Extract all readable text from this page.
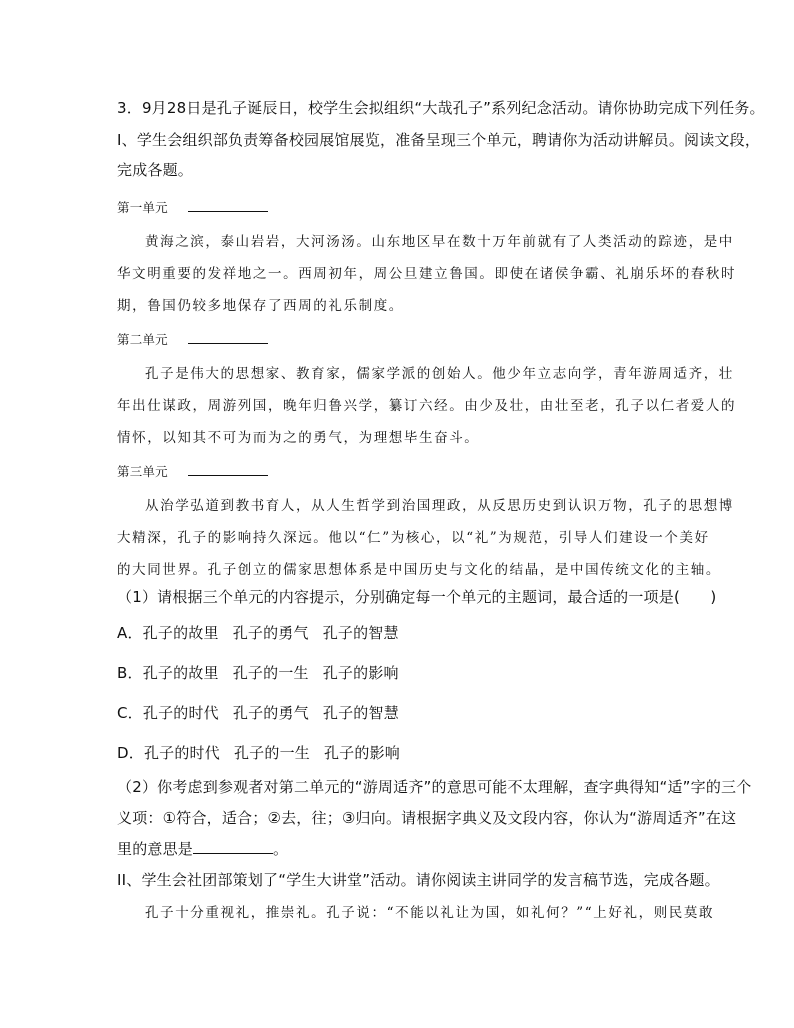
3．9月28日是孔子诞辰日，校学生会拟组织“大哉孔子”系列纪念活动。请你协助完成下列任务。
I、学生会组织部负责筹备校园展馆展览，准备呈现三个单元，聘请你为活动讲解员。阅读文段，
完成各题。
第一单元
黄海之滨，泰山岩岩，大河汤汤。山东地区早在数十万年前就有了人类活动的踪迹，是中
华文明重要的发祥地之一。西周初年，周公旦建立鲁国。即使在诸侯争霸、礼崩乐坏的春秋时
期，鲁国仍较多地保存了西周的礼乐制度。
第二单元
孔子是伟大的思想家、教育家，儒家学派的创始人。他少年立志向学，青年游周适齐，壮
年出仕谋政，周游列国，晚年归鲁兴学，纂订六经。由少及壮，由壮至老，孔子以仁者爱人的
情怀，以知其不可为而为之的勇气，为理想毕生奋斗。
第三单元
从治学弘道到教书育人，从人生哲学到治国理政，从反思历史到认识万物，孔子的思想博
大精深，孔子的影响持久深远。他以“仁”为核心，以“礼”为规范，引导人们建设一个美好
的大同世界。孔子创立的儒家思想体系是中国历史与文化的结晶，是中国传统文化的主轴。
（1）请根据三个单元的内容提示，分别确定每一个单元的主题词，最合适的一项是(　　)
A．孔子的故里 孔子的勇气 孔子的智慧
B．孔子的故里 孔子的一生 孔子的影响
C．孔子的时代 孔子的勇气 孔子的智慧
D．孔子的时代 孔子的一生 孔子的影响
（2）你考虑到参观者对第二单元的“游周适齐”的意思可能不太理解，查字典得知“适”字的三个
义项：①符合，适合；②去，往；③归向。请根据字典义及文段内容，你认为“游周适齐”在这
里的意思是	。
II、学生会社团部策划了“学生大讲堂”活动。请你阅读主讲同学的发言稿节选，完成各题。
孔子十分重视礼，推崇礼。孔子说：“不能以礼让为国，如礼何？”“上好礼，则民莫敢
